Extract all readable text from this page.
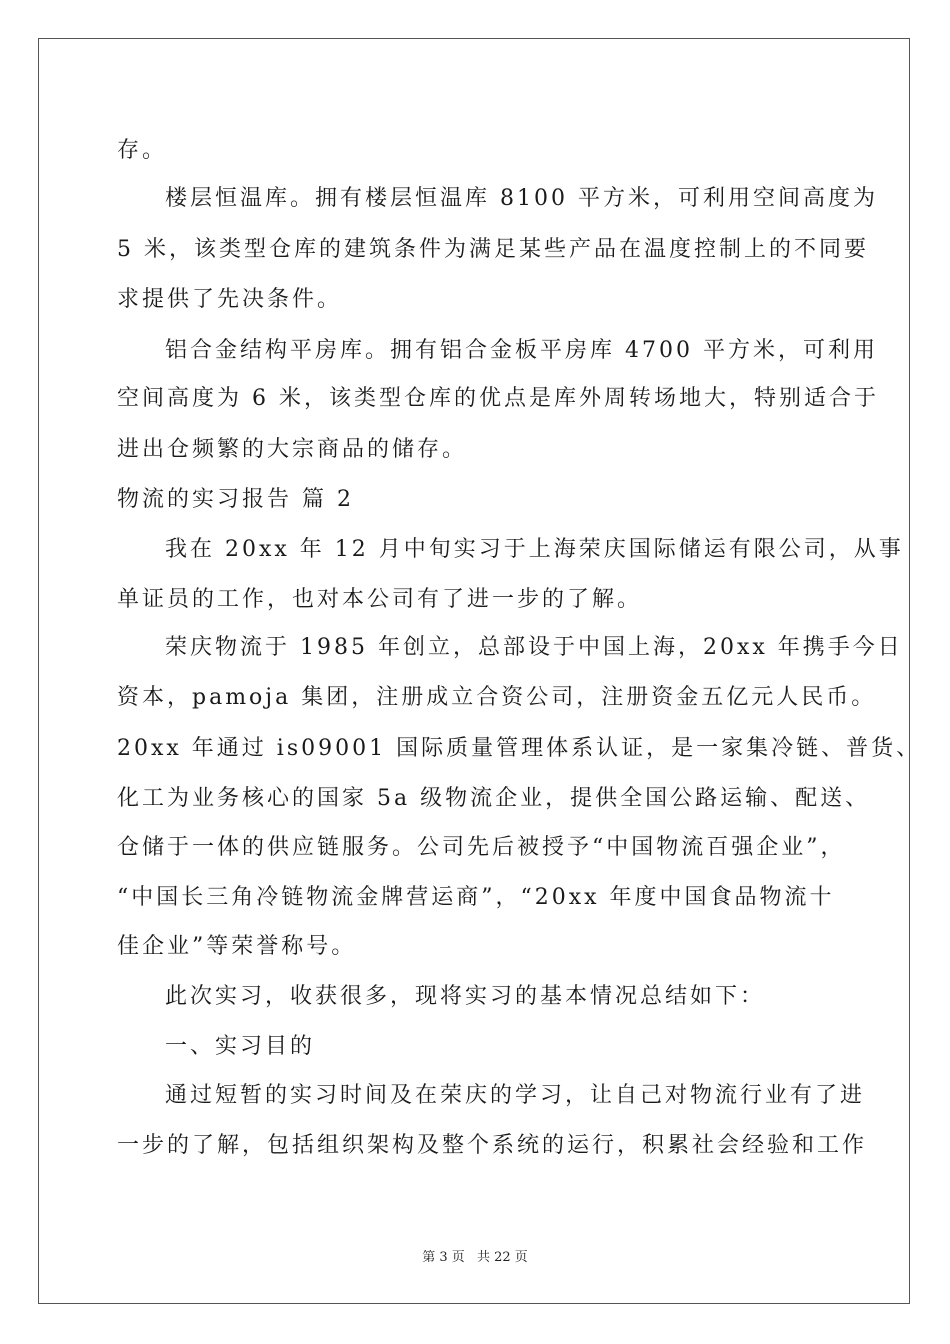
存。
楼层恒温库。拥有楼层恒温库 8100 平方米，可利用空间高度为
5 米，该类型仓库的建筑条件为满足某些产品在温度控制上的不同要
求提供了先决条件。
铝合金结构平房库。拥有铝合金板平房库 4700 平方米，可利用
空间高度为 6 米，该类型仓库的优点是库外周转场地大，特别适合于
进出仓频繁的大宗商品的储存。
物流的实习报告 篇 2
我在 20xx 年 12 月中旬实习于上海荣庆国际储运有限公司，从事
单证员的工作，也对本公司有了进一步的了解。
荣庆物流于 1985 年创立，总部设于中国上海，20xx 年携手今日
资本，pamoja 集团，注册成立合资公司，注册资金五亿元人民币。
20xx 年通过 is09001 国际质量管理体系认证，是一家集冷链、普货、
化工为业务核心的国家 5a 级物流企业，提供全国公路运输、配送、
仓储于一体的供应链服务。公司先后被授予“中国物流百强企业”，
“中国长三角冷链物流金牌营运商”，“20xx 年度中国食品物流十
佳企业”等荣誉称号。
此次实习，收获很多，现将实习的基本情况总结如下：
一、实习目的
通过短暂的实习时间及在荣庆的学习，让自己对物流行业有了进
一步的了解，包括组织架构及整个系统的运行，积累社会经验和工作
第 3 页 共 22 页
